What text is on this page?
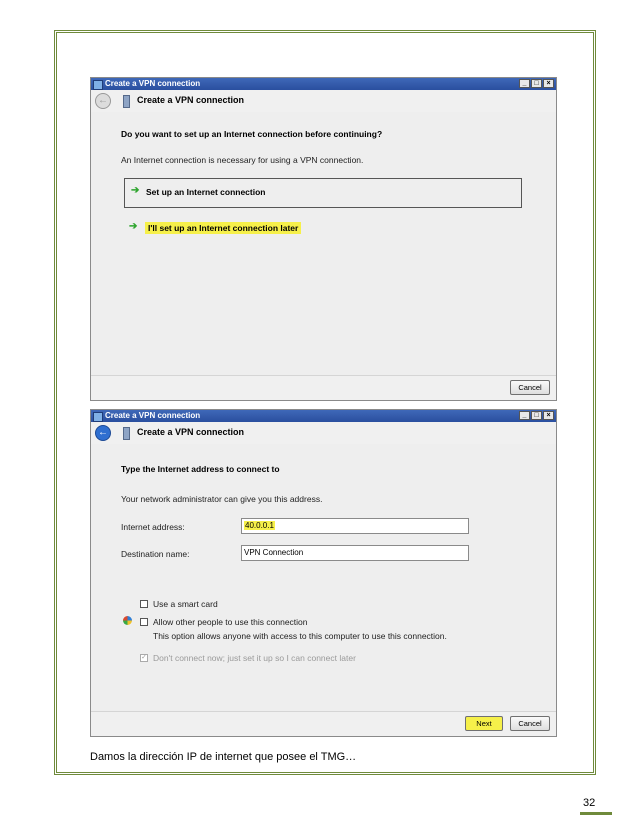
Create a VPN connection	_	□	×
←	Create a VPN connection
Do you want to set up an Internet connection before continuing?
An Internet connection is necessary for using a VPN connection.
➔ Set up an Internet connection
➔	I'll set up an Internet connection later
Cancel
Create a VPN connection	_	□	×
←	Create a VPN connection
Type the Internet address to connect to
Your network administrator can give you this address.
Internet address:	40.0.0.1
Destination name:	VPN Connection
Use a smart card
Allow other people to use this connection
This option allows anyone with access to this computer to use this connection.
✓ Don't connect now; just set it up so I can connect later
Next	Cancel
Damos la dirección IP de internet que posee el TMG…
32
